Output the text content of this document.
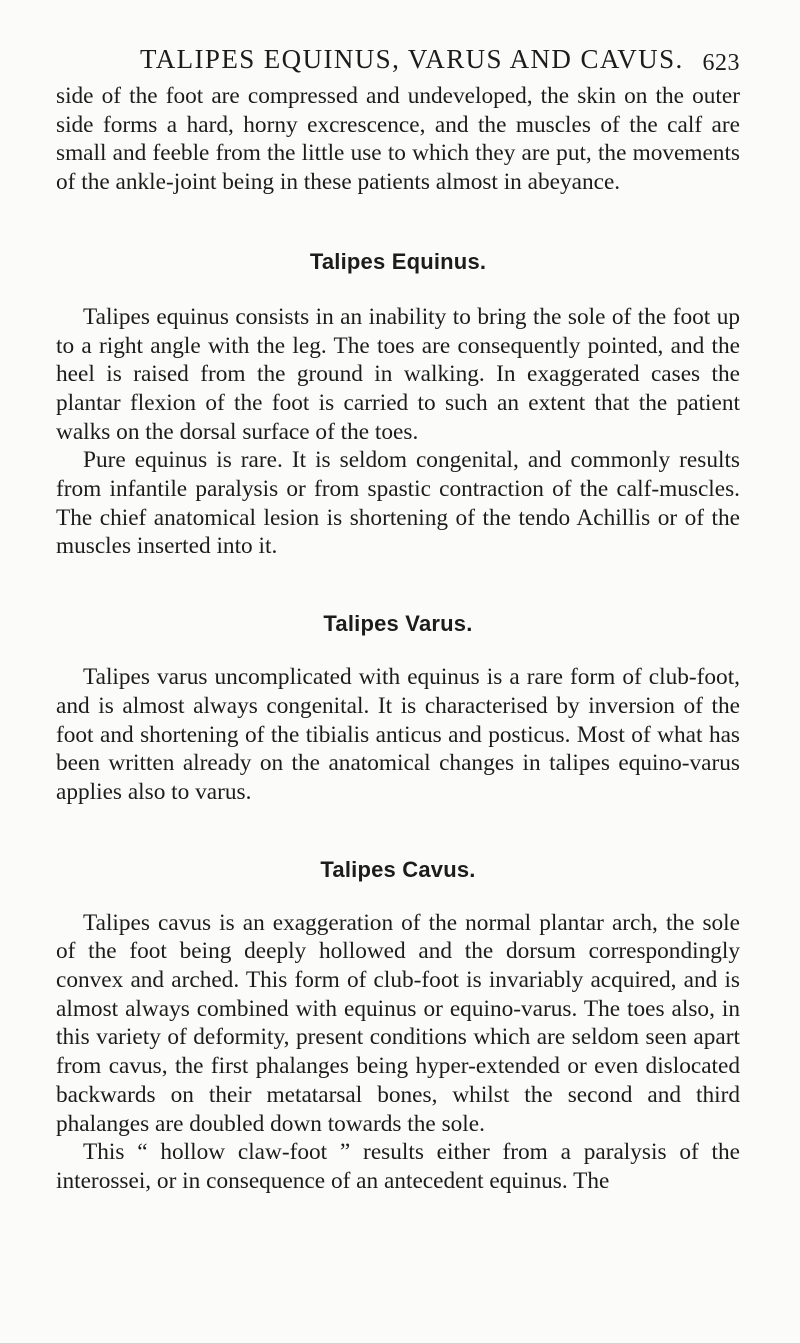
TALIPES EQUINUS, VARUS AND CAVUS. 623

side of the foot are compressed and undeveloped, the skin on the outer side forms a hard, horny excrescence, and the muscles of the calf are small and feeble from the little use to which they are put, the movements of the ankle-joint being in these patients almost in abeyance.

Talipes Equinus.

Talipes equinus consists in an inability to bring the sole of the foot up to a right angle with the leg. The toes are consequently pointed, and the heel is raised from the ground in walking. In exaggerated cases the plantar flexion of the foot is carried to such an extent that the patient walks on the dorsal surface of the toes.

Pure equinus is rare. It is seldom congenital, and commonly results from infantile paralysis or from spastic contraction of the calf-muscles. The chief anatomical lesion is shortening of the tendo Achillis or of the muscles inserted into it.

Talipes Varus.

Talipes varus uncomplicated with equinus is a rare form of club-foot, and is almost always congenital. It is characterised by inversion of the foot and shortening of the tibialis anticus and posticus. Most of what has been written already on the anatomical changes in talipes equino-varus applies also to varus.

Talipes Cavus.

Talipes cavus is an exaggeration of the normal plantar arch, the sole of the foot being deeply hollowed and the dorsum correspondingly convex and arched. This form of club-foot is invariably acquired, and is almost always combined with equinus or equino-varus. The toes also, in this variety of deformity, present conditions which are seldom seen apart from cavus, the first phalanges being hyper-extended or even dislocated backwards on their metatarsal bones, whilst the second and third phalanges are doubled down towards the sole.

This “ hollow claw-foot ” results either from a paralysis of the interossei, or in consequence of an antecedent equinus. The
